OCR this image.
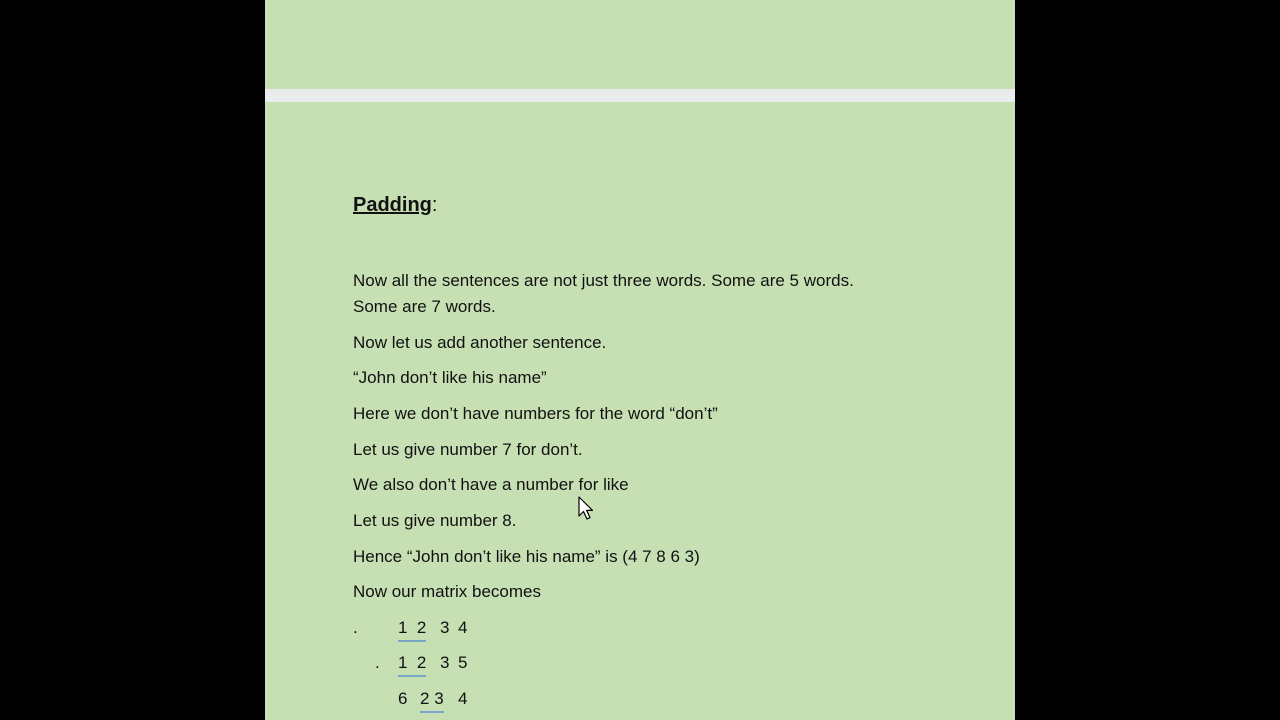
Padding:
Now all the sentences are not just three words. Some are 5 words.
Some are 7 words.
Now let us add another sentence.
“John don’t like his name”
Here we don’t have numbers for the word “don’t”
Let us give number 7 for don’t.
We also don’t have a number for like
Let us give number 8.
Hence “John don’t like his name” is (4 7 8 6 3)
Now our matrix becomes
. 1 2 3 4
. 1 2 3 5
6 2 3 4
